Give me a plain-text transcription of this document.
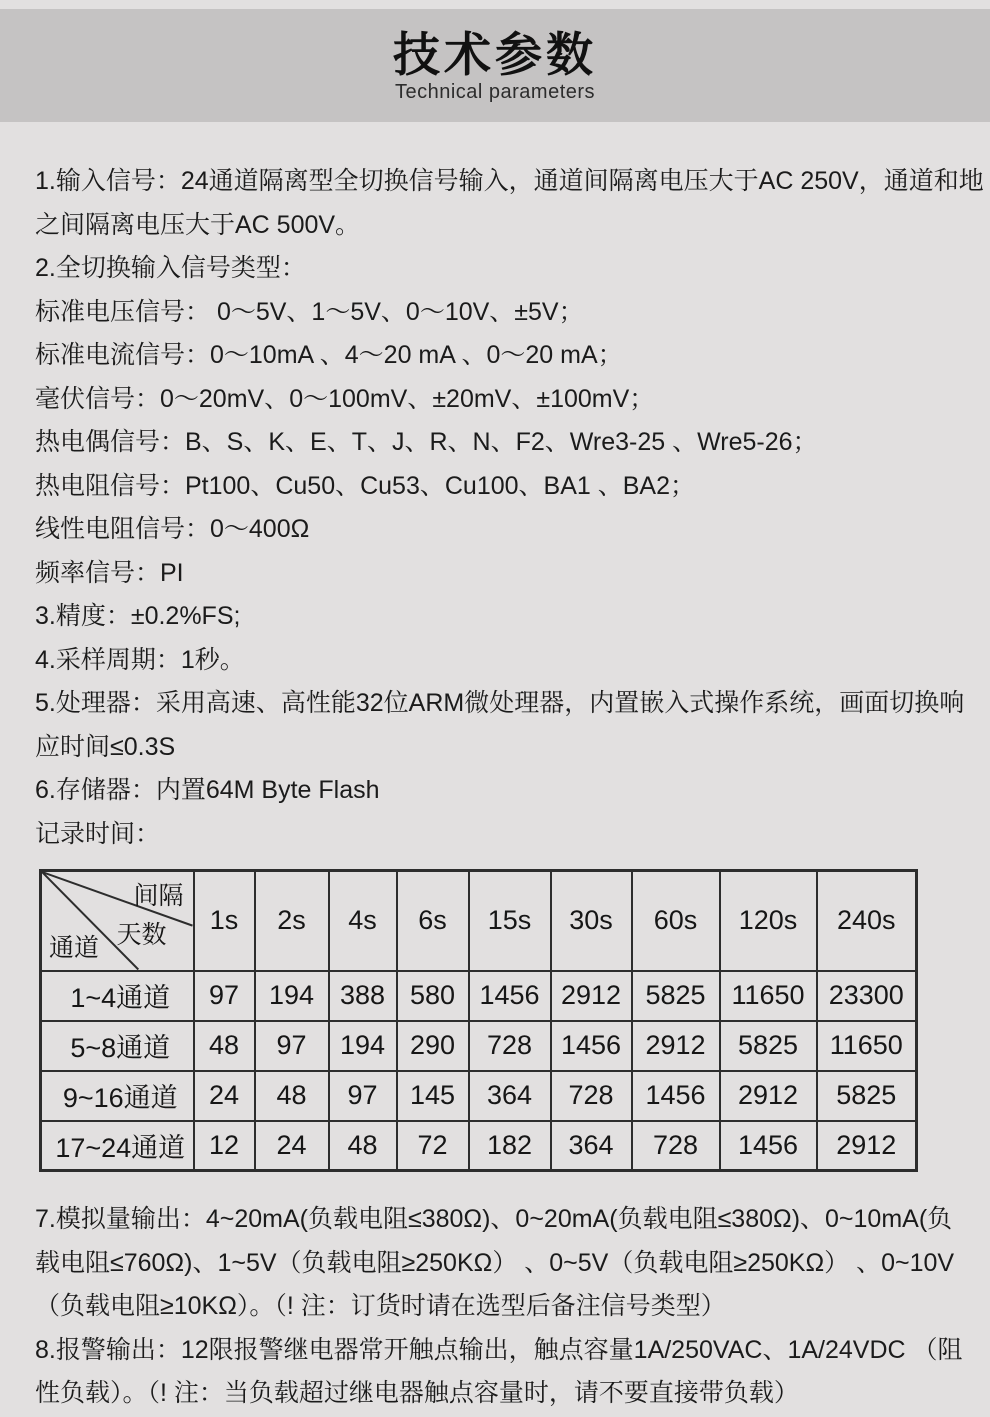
技术参数
Technical parameters
1.输入信号：24通道隔离型全切换信号输入，通道间隔离电压大于AC 250V，通道和地
之间隔离电压大于AC 500V。
2.全切换输入信号类型：
标准电压信号： 0～5V、1～5V、0～10V、±5V；
标准电流信号：0～10mA 、4～20 mA 、0～20 mA；
毫伏信号：0～20mV、0～100mV、±20mV、±100mV；
热电偶信号：B、S、K、E、T、J、R、N、F2、Wre3-25 、Wre5-26；
热电阻信号：Pt100、Cu50、Cu53、Cu100、BA1 、BA2；
线性电阻信号：0～400Ω
频率信号：PI
3.精度：±0.2%FS;
4.采样周期：1秒。
5.处理器：采用高速、高性能32位ARM微处理器，内置嵌入式操作系统，画面切换响
应时间≤0.3S
6.存储器：内置64M Byte Flash
记录时间：
间隔
天数
通道	1s	2s	4s	6s	15s	30s	60s	120s	240s
1~4通道	97	194	388	580	1456	2912	5825	11650	23300
5~8通道	48	97	194	290	728	1456	2912	5825	11650
9~16通道	24	48	97	145	364	728	1456	2912	5825
17~24通道	12	24	48	72	182	364	728	1456	2912
7.模拟量输出：4~20mA(负载电阻≤380Ω)、0~20mA(负载电阻≤380Ω)、0~10mA(负
载电阻≤760Ω)、1~5V（负载电阻≥250KΩ） 、0~5V（负载电阻≥250KΩ） 、0~10V
（负载电阻≥10KΩ）。（! 注：订货时请在选型后备注信号类型）
8.报警输出：12限报警继电器常开触点输出，触点容量1A/250VAC、1A/24VDC （阻
性负载）。（! 注：当负载超过继电器触点容量时，请不要直接带负载）
